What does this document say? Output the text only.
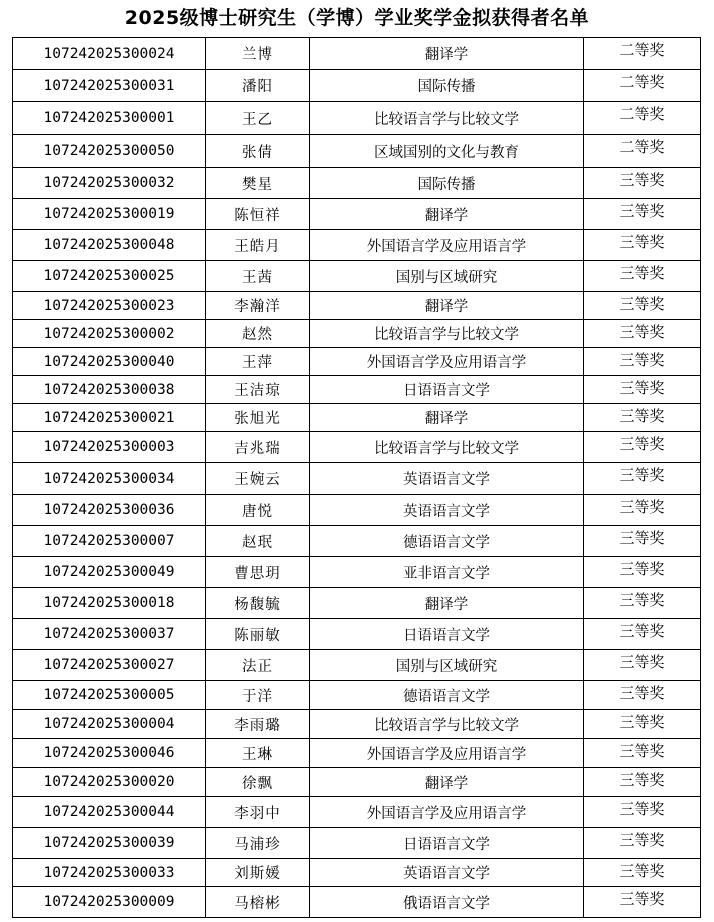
2025级博士研究生（学博）学业奖学金拟获得者名单
107242025300024	兰博	翻译学	二等奖
107242025300031	潘阳	国际传播	二等奖
107242025300001	王乙	比较语言学与比较文学	二等奖
107242025300050	张倩	区域国别的文化与教育	二等奖
107242025300032	樊星	国际传播	三等奖
107242025300019	陈恒祥	翻译学	三等奖
107242025300048	王皓月	外国语言学及应用语言学	三等奖
107242025300025	王茜	国别与区域研究	三等奖
107242025300023	李瀚洋	翻译学	三等奖
107242025300002	赵然	比较语言学与比较文学	三等奖
107242025300040	王萍	外国语言学及应用语言学	三等奖
107242025300038	王洁琼	日语语言文学	三等奖
107242025300021	张旭光	翻译学	三等奖
107242025300003	吉兆瑞	比较语言学与比较文学	三等奖
107242025300034	王婉云	英语语言文学	三等奖
107242025300036	唐悦	英语语言文学	三等奖
107242025300007	赵珉	德语语言文学	三等奖
107242025300049	曹思玥	亚非语言文学	三等奖
107242025300018	杨馥毓	翻译学	三等奖
107242025300037	陈丽敏	日语语言文学	三等奖
107242025300027	法正	国别与区域研究	三等奖
107242025300005	于洋	德语语言文学	三等奖
107242025300004	李雨璐	比较语言学与比较文学	三等奖
107242025300046	王琳	外国语言学及应用语言学	三等奖
107242025300020	徐飘	翻译学	三等奖
107242025300044	李羽中	外国语言学及应用语言学	三等奖
107242025300039	马浦珍	日语语言文学	三等奖
107242025300033	刘斯媛	英语语言文学	三等奖
107242025300009	马榕彬	俄语语言文学	三等奖
